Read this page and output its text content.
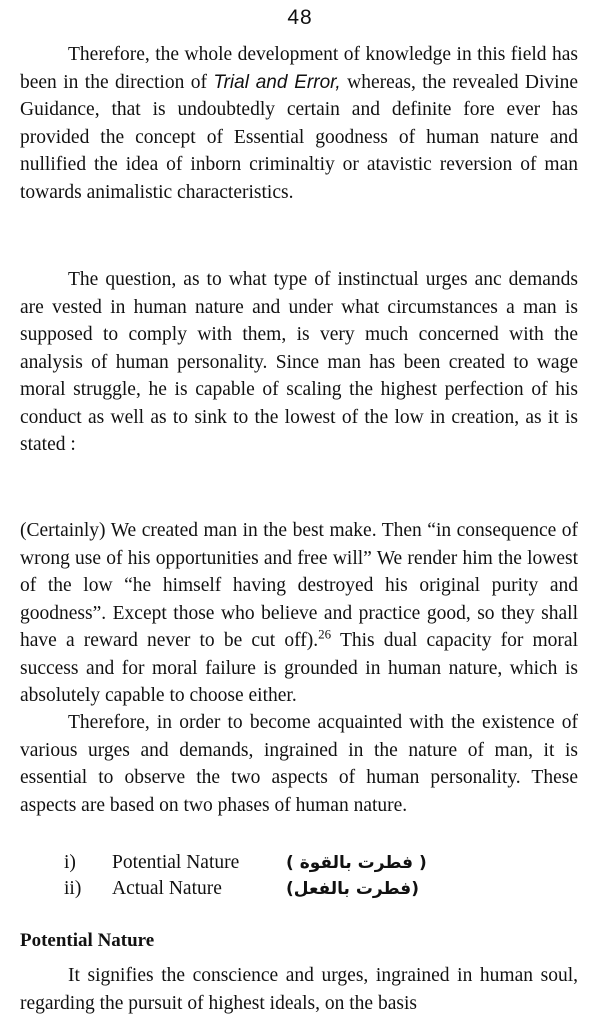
48

Therefore, the whole development of knowledge in this field has been in the direction of Trial and Error, whereas, the revealed Divine Guidance, that is undoubtedly certain and definite fore ever has provided the concept of Essential goodness of human nature and nullified the idea of inborn criminaltiy or atavistic reversion of man towards animalistic characteristics.

The question, as to what type of instinctual urges anc demands are vested in human nature and under what circumstances a man is supposed to comply with them, is very much concerned with the analysis of human personality. Since man has been created to wage moral struggle, he is capable of scaling the highest perfection of his conduct as well as to sink to the lowest of the low in creation, as it is stated :

(Certainly) We created man in the best make. Then “in consequence of wrong use of his opportunities and free will” We render him the lowest of the low “he himself having destroyed his original purity and goodness”. Except those who believe and practice good, so they shall have a reward never to be cut off).$^{26}$ This dual capacity for moral success and for moral failure is grounded in human nature, which is absolutely capable to choose either.

Therefore, in order to become acquainted with the existence of various urges and demands, ingrained in the nature of man, it is essential to observe the two aspects of human personality. These aspects are based on two phases of human nature.

i)	Potential Nature	( فطرت بالقوة )
ii)	Actual Nature	(فطرت بالفعل)
Potential Nature

It signifies the conscience and urges, ingrained in human soul, regarding the pursuit of highest ideals, on the basis
